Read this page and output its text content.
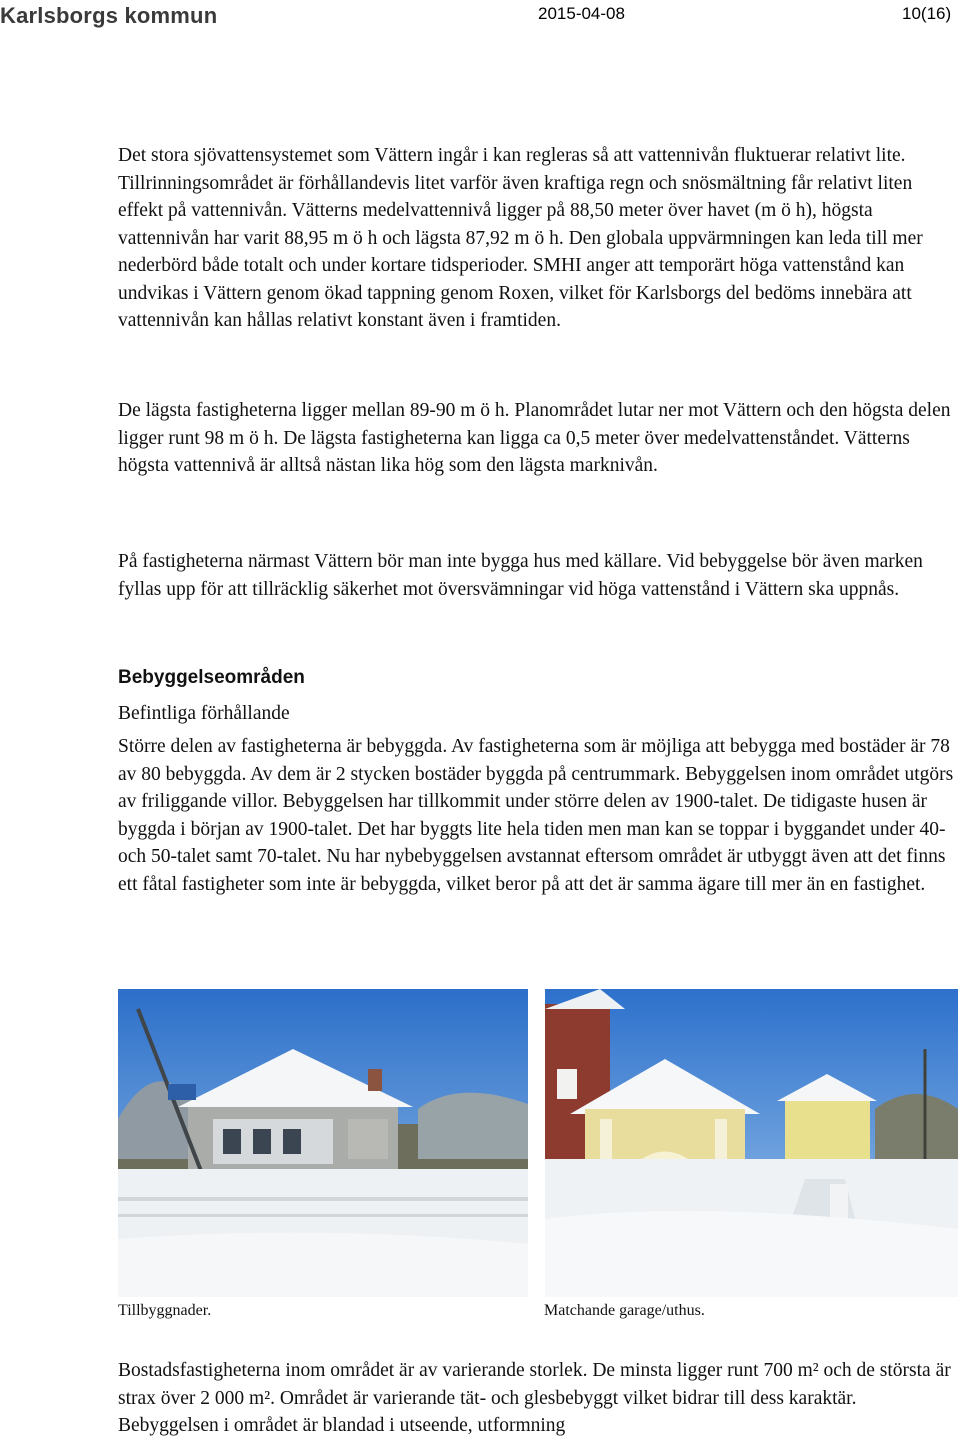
Karlsborgs kommun	2015-04-08	10(16)

Det stora sjövattensystemet som Vättern ingår i kan regleras så att vattennivån fluktuerar relativt lite. Tillrinningsområdet är förhållandevis litet varför även kraftiga regn och snösmältning får relativt liten effekt på vattennivån. Vätterns medelvattennivå ligger på 88,50 meter över havet (m ö h), högsta vattennivån har varit 88,95 m ö h och lägsta 87,92 m ö h. Den globala uppvärmningen kan leda till mer nederbörd både totalt och under kortare tidsperioder. SMHI anger att temporärt höga vattenstånd kan undvikas i Vättern genom ökad tappning genom Roxen, vilket för Karlsborgs del bedöms innebära att vattennivån kan hållas relativt konstant även i framtiden.

De lägsta fastigheterna ligger mellan 89-90 m ö h. Planområdet lutar ner mot Vättern och den högsta delen ligger runt 98 m ö h. De lägsta fastigheterna kan ligga ca 0,5 meter över medelvattenståndet. Vätterns högsta vattennivå är alltså nästan lika hög som den lägsta marknivån.

På fastigheterna närmast Vättern bör man inte bygga hus med källare. Vid bebyggelse bör även marken fyllas upp för att tillräcklig säkerhet mot översvämningar vid höga vattenstånd i Vättern ska uppnås.

Bebyggelseområden

Befintliga förhållande

Större delen av fastigheterna är bebyggda. Av fastigheterna som är möjliga att bebygga med bostäder är 78 av 80 bebyggda. Av dem är 2 stycken bostäder byggda på centrummark. Bebyggelsen inom området utgörs av friliggande villor. Bebyggelsen har tillkommit under större delen av 1900-talet. De tidigaste husen är byggda i början av 1900-talet. Det har byggts lite hela tiden men man kan se toppar i byggandet under 40- och 50-talet samt 70-talet. Nu har nybebyggelsen avstannat eftersom området är utbyggt även att det finns ett fåtal fastigheter som inte är bebyggda, vilket beror på att det är samma ägare till mer än en fastighet.

Tillbyggnader.	Matchande garage/uthus.

Bostadsfastigheterna inom området är av varierande storlek. De minsta ligger runt 700 m² och de största är strax över 2 000 m². Området är varierande tät- och glesbebyggt vilket bidrar till dess karaktär. Bebyggelsen i området är blandad i utseende, utformning
